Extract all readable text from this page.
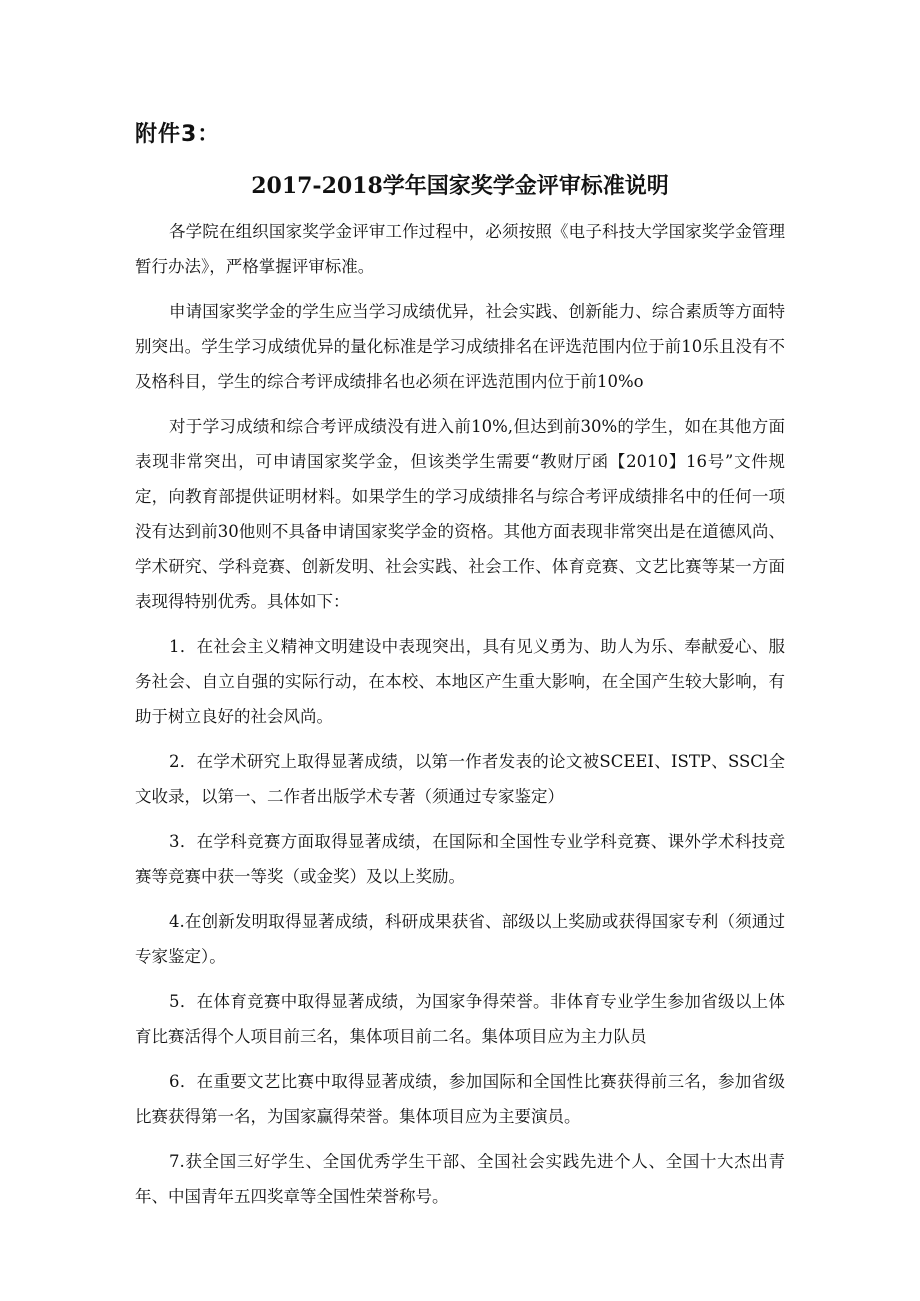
附件3：
2017-2018学年国家奖学金评审标准说明

各学院在组织国家奖学金评审工作过程中，必须按照《电子科技大学国家奖学金管理暂行办法》，严格掌握评审标准。

申请国家奖学金的学生应当学习成绩优异，社会实践、创新能力、综合素质等方面特别突出。学生学习成绩优异的量化标准是学习成绩排名在评选范围内位于前10乐且没有不及格科目，学生的综合考评成绩排名也必须在评选范围内位于前10%o

对于学习成绩和综合考评成绩没有进入前10%,但达到前30%的学生，如在其他方面表现非常突出，可申请国家奖学金，但该类学生需要“教财厅函【2010】16号”文件规定，向教育部提供证明材料。如果学生的学习成绩排名与综合考评成绩排名中的任何一项没有达到前30他则不具备申请国家奖学金的资格。其他方面表现非常突出是在道德风尚、学术研究、学科竞赛、创新发明、社会实践、社会工作、体育竞赛、文艺比赛等某一方面表现得特别优秀。具体如下：

1．在社会主义精神文明建设中表现突出，具有见义勇为、助人为乐、奉献爱心、服务社会、自立自强的实际行动，在本校、本地区产生重大影响，在全国产生较大影响，有助于树立良好的社会风尚。

2．在学术研究上取得显著成绩，以第一作者发表的论文被SCEEI、ISTP、SSCl全文收录，以第一、二作者出版学术专著（须通过专家鉴定）

3．在学科竞赛方面取得显著成绩，在国际和全国性专业学科竞赛、课外学术科技竞赛等竞赛中获一等奖（或金奖）及以上奖励。

4.在创新发明取得显著成绩，科研成果获省、部级以上奖励或获得国家专利（须通过专家鉴定）。

5．在体育竞赛中取得显著成绩，为国家争得荣誉。非体育专业学生参加省级以上体育比赛活得个人项目前三名，集体项目前二名。集体项目应为主力队员

6．在重要文艺比赛中取得显著成绩，参加国际和全国性比赛获得前三名，参加省级比赛获得第一名，为国家赢得荣誉。集体项目应为主要演员。

7.获全国三好学生、全国优秀学生干部、全国社会实践先进个人、全国十大杰出青年、中国青年五四奖章等全国性荣誉称号。
